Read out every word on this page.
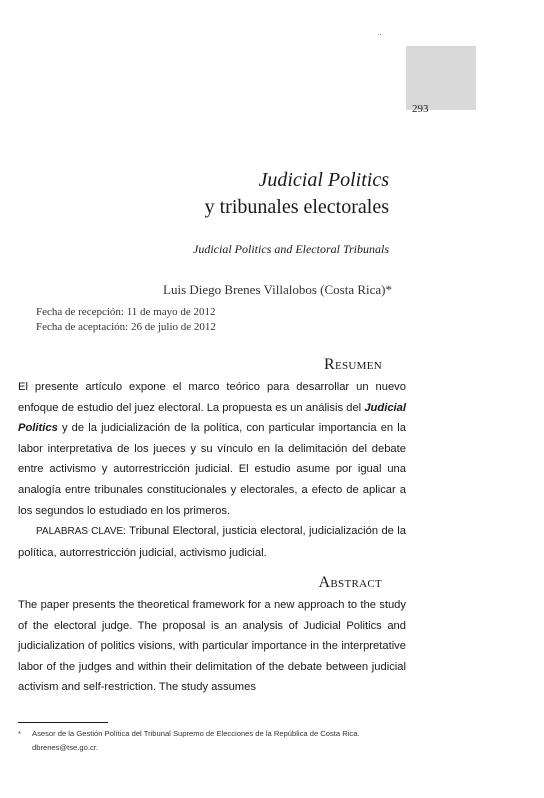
293
Judicial Politics
y tribunales electorales
Judicial Politics and Electoral Tribunals
Luis Diego Brenes Villalobos (Costa Rica)*
Fecha de recepción: 11 de mayo de 2012
Fecha de aceptación: 26 de julio de 2012
Resumen

El presente artículo expone el marco teórico para desarrollar un nuevo enfoque de estudio del juez electoral. La propuesta es un análisis del Judicial Politics y de la judicialización de la política, con particular importancia en la labor interpretativa de los jueces y su vínculo en la delimitación del debate entre activismo y autorrestricción judicial. El estudio asume por igual una analogía entre tribunales constitucionales y electorales, a efecto de aplicar a los segundos lo estudiado en los primeros.

PALABRAS CLAVE: Tribunal Electoral, justicia electoral, judicialización de la política, autorrestricción judicial, activismo judicial.

Abstract

The paper presents the theoretical framework for a new approach to the study of the electoral judge. The proposal is an analysis of Judicial Politics and judicialization of politics visions, with particular importance in the interpretative labor of the judges and within their delimitation of the debate between judicial activism and self-restriction. The study assumes

* Asesor de la Gestión Política del Tribunal Supremo de Elecciones de la República de Costa Rica.
dbrenes@tse.go.cr.
